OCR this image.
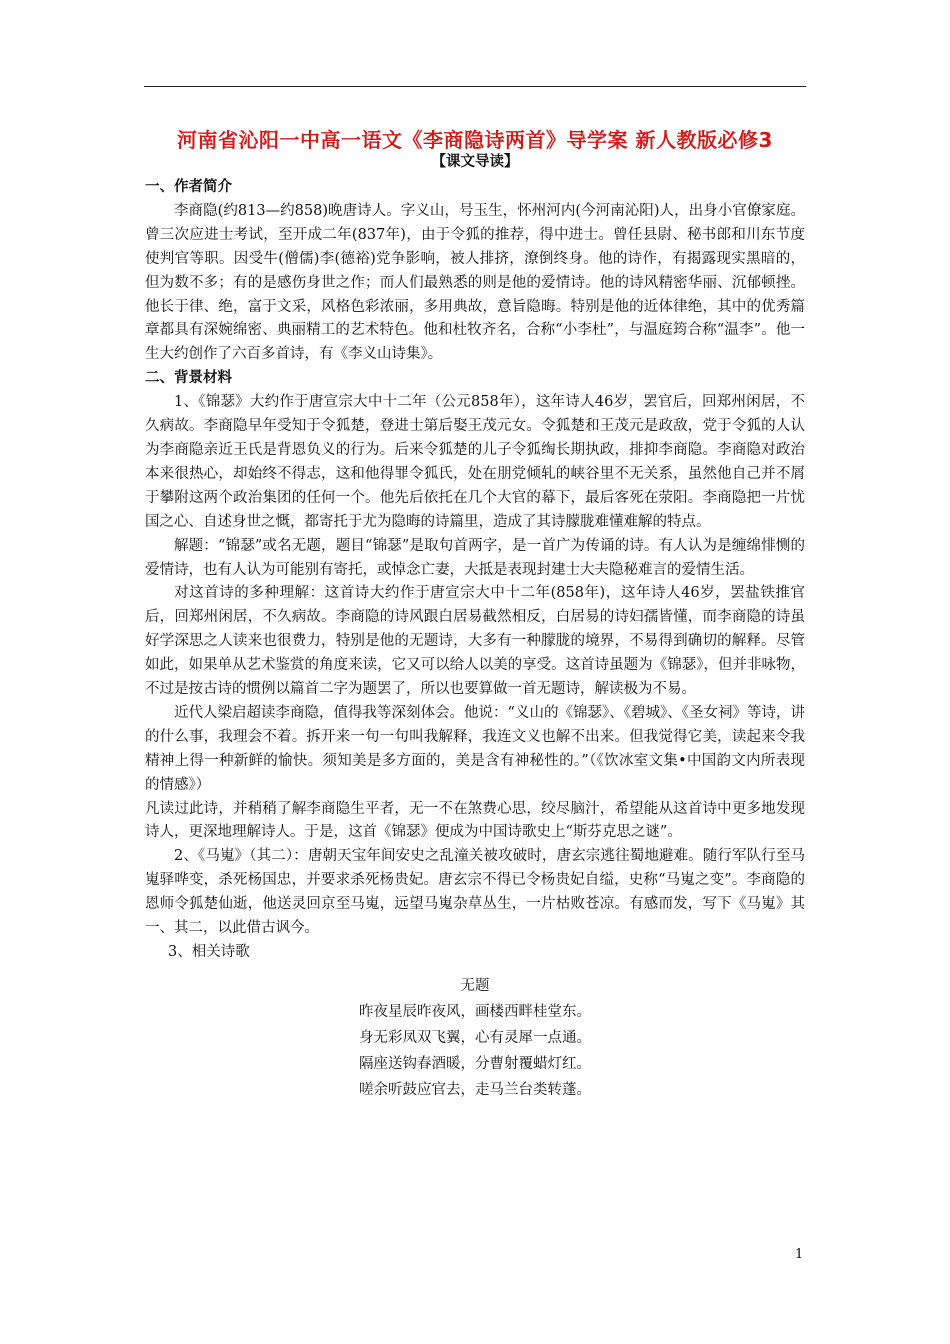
河南省沁阳一中高一语文《李商隐诗两首》导学案 新人教版必修3
【课文导读】

一、作者简介

李商隐(约813—约858)晚唐诗人。字义山，号玉生，怀州河内(今河南沁阳)人，出身小官僚家庭。曾三次应进士考试，至开成二年(837年)，由于令狐的推荐，得中进士。曾任县尉、秘书郎和川东节度使判官等职。因受牛(僧儒)李(德裕)党争影响，被人排挤，潦倒终身。他的诗作，有揭露现实黑暗的，但为数不多；有的是感伤身世之作；而人们最熟悉的则是他的爱情诗。他的诗风精密华丽、沉郁顿挫。他长于律、绝，富于文采，风格色彩浓丽，多用典故，意旨隐晦。特别是他的近体律绝，其中的优秀篇章都具有深婉绵密、典丽精工的艺术特色。他和杜牧齐名，合称“小李杜”，与温庭筠合称“温李”。他一生大约创作了六百多首诗，有《李义山诗集》。

二、背景材料

1、《锦瑟》大约作于唐宣宗大中十二年（公元858年），这年诗人46岁，罢官后，回郑州闲居，不久病故。李商隐早年受知于令狐楚，登进士第后娶王茂元女。令狐楚和王茂元是政敌，党于令狐的人认为李商隐亲近王氏是背恩负义的行为。后来令狐楚的儿子令狐绹长期执政，排抑李商隐。李商隐对政治本来很热心，却始终不得志，这和他得罪令狐氏，处在朋党倾轧的峡谷里不无关系，虽然他自己并不屑于攀附这两个政治集团的任何一个。他先后依托在几个大官的幕下，最后客死在荥阳。李商隐把一片忧国之心、自述身世之慨，都寄托于尤为隐晦的诗篇里，造成了其诗朦胧难懂难解的特点。

解题：“锦瑟”或名无题，题目“锦瑟”是取句首两字，是一首广为传诵的诗。有人认为是缠绵悱恻的爱情诗，也有人认为可能别有寄托，或悼念亡妻，大抵是表现封建士大夫隐秘难言的爱情生活。

对这首诗的多种理解：这首诗大约作于唐宣宗大中十二年(858年)，这年诗人46岁，罢盐铁推官后，回郑州闲居，不久病故。李商隐的诗风跟白居易截然相反，白居易的诗妇孺皆懂，而李商隐的诗虽好学深思之人读来也很费力，特别是他的无题诗，大多有一种朦胧的境界，不易得到确切的解释。尽管如此，如果单从艺术鉴赏的角度来读，它又可以给人以美的享受。这首诗虽题为《锦瑟》，但并非咏物，不过是按古诗的惯例以篇首二字为题罢了，所以也要算做一首无题诗，解读极为不易。

近代人梁启超读李商隐，值得我等深刻体会。他说：“义山的《锦瑟》、《碧城》、《圣女祠》等诗，讲的什么事，我理会不着。拆开来一句一句叫我解释，我连文义也解不出来。但我觉得它美，读起来令我精神上得一种新鲜的愉快。须知美是多方面的，美是含有神秘性的。”（《饮冰室文集•中国韵文内所表现的情感》）

凡读过此诗，并稍稍了解李商隐生平者，无一不在煞费心思，绞尽脑汁，希望能从这首诗中更多地发现诗人，更深地理解诗人。于是，这首《锦瑟》便成为中国诗歌史上“斯芬克思之谜”。

2、《马嵬》（其二）：唐朝天宝年间安史之乱潼关被攻破时，唐玄宗逃往蜀地避难。随行军队行至马嵬驿哗变，杀死杨国忠，并要求杀死杨贵妃。唐玄宗不得已令杨贵妃自缢，史称“马嵬之变”。李商隐的恩师令狐楚仙逝，他送灵回京至马嵬，远望马嵬杂草丛生，一片枯败苍凉。有感而发，写下《马嵬》其一、其二，以此借古讽今。

3、相关诗歌

无题
昨夜星辰昨夜风，画楼西畔桂堂东。
身无彩凤双飞翼，心有灵犀一点通。
隔座送钩春酒暖，分曹射覆蜡灯红。
嗟余听鼓应官去，走马兰台类转蓬。
1
